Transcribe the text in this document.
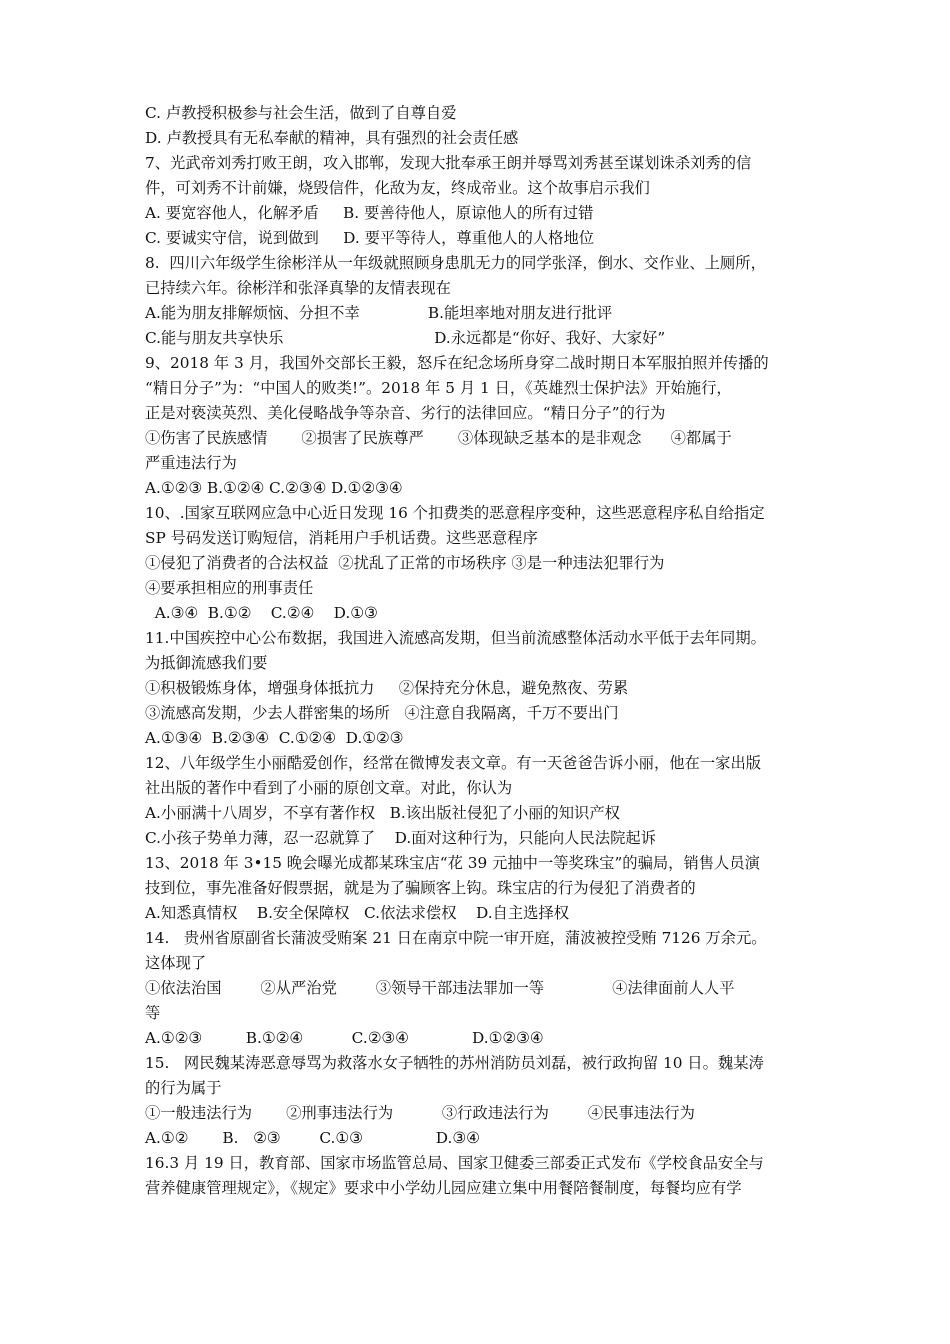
C. 卢教授积极参与社会生活，做到了自尊自爱

D. 卢教授具有无私奉献的精神，具有强烈的社会责任感

7、光武帝刘秀打败王朗，攻入邯郸，发现大批奉承王朗并辱骂刘秀甚至谋划诛杀刘秀的信

件，可刘秀不计前嫌，烧毁信件，化敌为友，终成帝业。这个故事启示我们

A. 要宽容他人，化解矛盾     B. 要善待他人，原谅他人的所有过错

C. 要诚实守信，说到做到     D. 要平等待人，尊重他人的人格地位

8.  四川六年级学生徐彬洋从一年级就照顾身患肌无力的同学张泽，倒水、交作业、上厕所，

已持续六年。徐彬洋和张泽真挚的友情表现在

A.能为朋友排解烦恼、分担不幸              B.能坦率地对朋友进行批评

C.能与朋友共享快乐                               D.永远都是“你好、我好、大家好”

9、2018 年 3 月，我国外交部长王毅，怒斥在纪念场所身穿二战时期日本军服拍照并传播的

“精日分子”为：“中国人的败类!”。2018 年 5 月 1 日，《英雄烈士保护法》开始施行，

正是对亵渎英烈、美化侵略战争等杂音、劣行的法律回应。“精日分子”的行为

①伤害了民族感情       ②损害了民族尊严       ③体现缺乏基本的是非观念      ④都属于

严重违法行为

A.①②③ B.①②④ C.②③④ D.①②③④

10、.国家互联网应急中心近日发现 16 个扣费类的恶意程序变种，这些恶意程序私自给指定

SP 号码发送订购短信，消耗用户手机话费。这些恶意程序

①侵犯了消费者的合法权益  ②扰乱了正常的市场秩序 ③是一种违法犯罪行为

④要承担相应的刑事责任

A.③④  B.①②    C.②④    D.①③

11.中国疾控中心公布数据，我国进入流感高发期，但当前流感整体活动水平低于去年同期。

为抵御流感我们要

①积极锻炼身体，增强身体抵抗力     ②保持充分休息，避免熬夜、劳累

③流感高发期，少去人群密集的场所   ④注意自我隔离，千万不要出门

A.①③④  B.②③④  C.①②④  D.①②③

12、八年级学生小丽酷爱创作，经常在微博发表文章。有一天爸爸告诉小丽，他在一家出版

社出版的著作中看到了小丽的原创文章。对此，你认为

A.小丽满十八周岁，不享有著作权   B.该出版社侵犯了小丽的知识产权

C.小孩子势单力薄，忍一忍就算了    D.面对这种行为，只能向人民法院起诉

13、2018 年 3•15 晚会曝光成都某珠宝店“花 39 元抽中一等奖珠宝”的骗局，销售人员演

技到位，事先准备好假票据，就是为了骗顾客上钩。珠宝店的行为侵犯了消费者的

A.知悉真情权    B.安全保障权   C.依法求偿权    D.自主选择权

14.   贵州省原副省长蒲波受贿案 21 日在南京中院一审开庭，蒲波被控受贿 7126 万余元。

这体现了

①依法治国        ②从严治党        ③领导干部违法罪加一等              ④法律面前人人平

等

A.①②③         B.①②④          C.②③④             D.①②③④

15.   网民魏某涛恶意辱骂为救落水女子牺牲的苏州消防员刘磊，被行政拘留 10 日。魏某涛

的行为属于

①一般违法行为       ②刑事违法行为          ③行政违法行为        ④民事违法行为

A.①②       B.   ②③        C.①③               D.③④

16.3 月 19 日，教育部、国家市场监管总局、国家卫健委三部委正式发布《学校食品安全与

营养健康管理规定》，《规定》要求中小学幼儿园应建立集中用餐陪餐制度，每餐均应有学
